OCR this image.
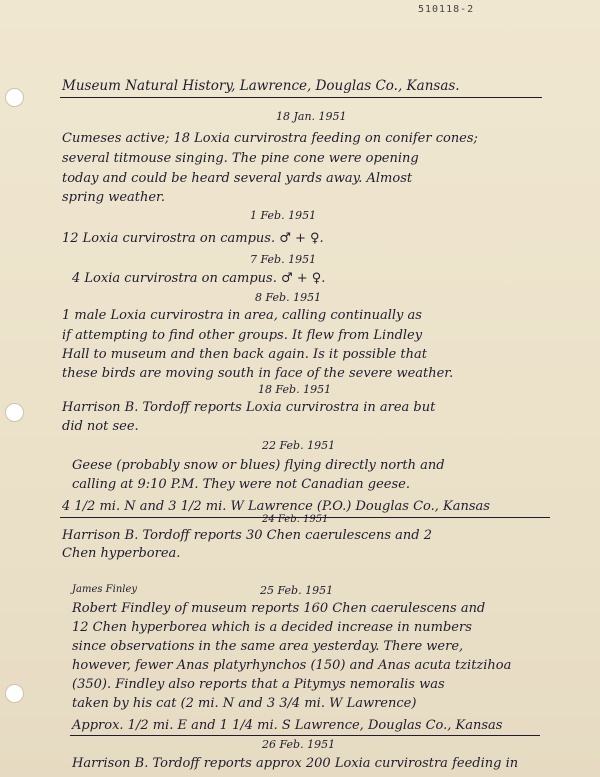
510118-2
Museum Natural History, Lawrence, Douglas Co., Kansas.
18 Jan. 1951
Cumeses active; 18 Loxia curvirostra feeding on conifer cones;
several titmouse singing. The pine cone were opening
today and could be heard several yards away. Almost
spring weather.
1 Feb. 1951
12 Loxia curvirostra on campus. ♂ + ♀.
7 Feb. 1951
4 Loxia curvirostra on campus. ♂ + ♀.
8 Feb. 1951
1 male Loxia curvirostra in area, calling continually as
if attempting to find other groups. It flew from Lindley
Hall to museum and then back again. Is it possible that
these birds are moving south in face of the severe weather.
18 Feb. 1951
Harrison B. Tordoff reports Loxia curvirostra in area but
did not see.
22 Feb. 1951
Geese (probably snow or blues) flying directly north and
calling at 9:10 P.M. They were not Canadian geese.
4 1/2 mi. N and 3 1/2 mi. W Lawrence (P.O.) Douglas Co., Kansas
24 Feb. 1951
Harrison B. Tordoff reports 30 Chen caerulescens and 2
Chen hyperborea.
James Finley	25 Feb. 1951
Robert Findley of museum reports 160 Chen caerulescens and
12 Chen hyperborea which is a decided increase in numbers
since observations in the same area yesterday. There were,
however, fewer Anas platyrhynchos (150) and Anas acuta tzitzihoa
(350). Findley also reports that a Pitymys nemoralis was
taken by his cat (2 mi. N and 3 3/4 mi. W Lawrence)
Approx. 1/2 mi. E and 1 1/4 mi. S Lawrence, Douglas Co., Kansas
26 Feb. 1951
Harrison B. Tordoff reports approx 200 Loxia curvirostra feeding in
